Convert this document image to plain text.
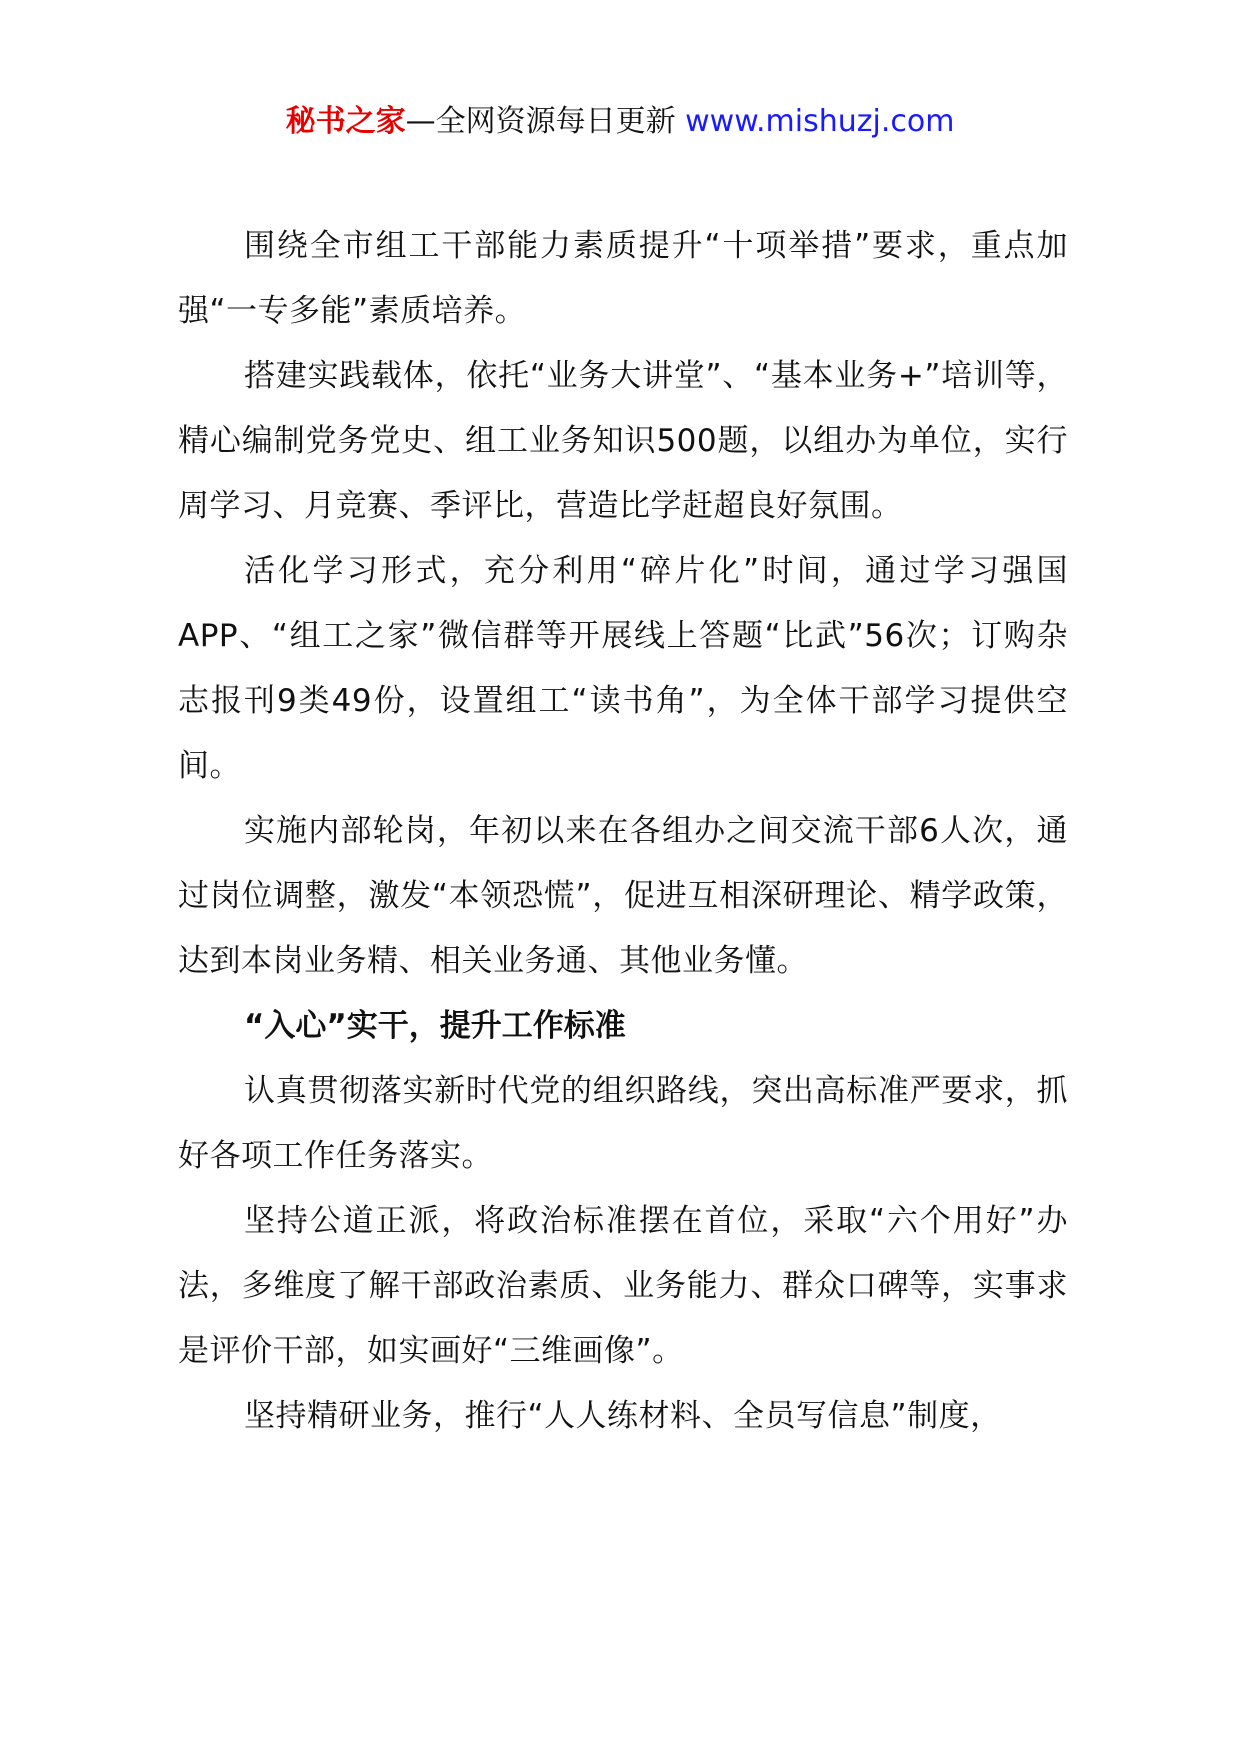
秘书之家—全网资源每日更新 www.mishuzj.com

围绕全市组工干部能力素质提升“十项举措”要求，重点加强“一专多能”素质培养。

搭建实践载体，依托“业务大讲堂”、“基本业务+”培训等，精心编制党务党史、组工业务知识500题，以组办为单位，实行周学习、月竞赛、季评比，营造比学赶超良好氛围。

活化学习形式，充分利用“碎片化”时间，通过学习强国APP、“组工之家”微信群等开展线上答题“比武”56次；订购杂志报刊9类49份，设置组工“读书角”，为全体干部学习提供空间。

实施内部轮岗，年初以来在各组办之间交流干部6人次，通过岗位调整，激发“本领恐慌”，促进互相深研理论、精学政策，达到本岗业务精、相关业务通、其他业务懂。

“入心”实干，提升工作标准

认真贯彻落实新时代党的组织路线，突出高标准严要求，抓好各项工作任务落实。

坚持公道正派，将政治标准摆在首位，采取“六个用好”办法，多维度了解干部政治素质、业务能力、群众口碑等，实事求是评价干部，如实画好“三维画像”。

坚持精研业务，推行“人人练材料、全员写信息”制度，
